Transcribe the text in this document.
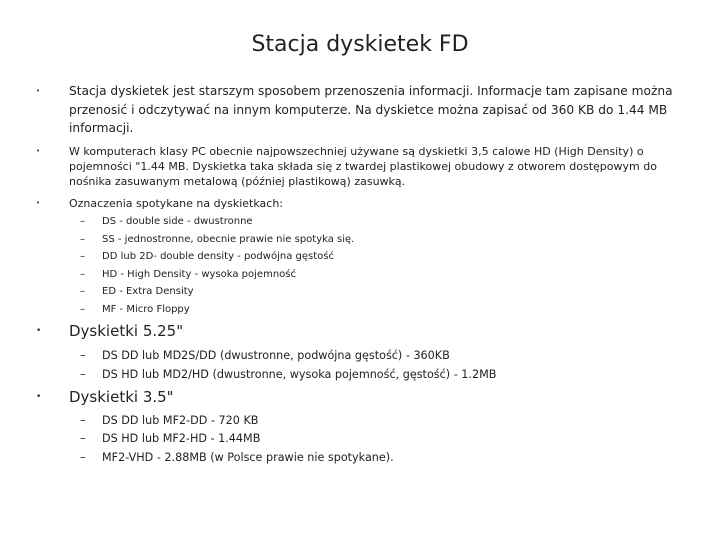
Stacja dyskietek FD
• Stacja dyskietek jest starszym sposobem przenoszenia informacji. Informacje tam zapisane można przenosić i odczytywać na innym komputerze. Na dyskietce można zapisać od 360 KB do 1.44 MB informacji.
•	W komputerach klasy PC obecnie najpowszechniej używane są dyskietki 3,5 calowe HD (High Density) o pojemności "1.44 MB. Dyskietka taka składa się z twardej plastikowej obudowy z otworem dostępowym do nośnika zasuwanym metalową (później plastikową) zasuwką.
•	Oznaczenia spotykane na dyskietkach:
– DS - double side - dwustronne
– SS - jednostronne, obecnie prawie nie spotyka się.
– DD lub 2D- double density - podwójna gęstość
– HD - High Density - wysoka pojemność
– ED - Extra Density
– MF - Micro Floppy
• Dyskietki 5.25"
– DS DD lub MD2S/DD (dwustronne, podwójna gęstość) - 360KB
– DS HD lub MD2/HD (dwustronne, wysoka pojemność, gęstość) - 1.2MB
• Dyskietki 3.5"
– DS DD lub MF2-DD - 720 KB
– DS HD lub MF2-HD - 1.44MB
– MF2-VHD - 2.88MB (w Polsce prawie nie spotykane).
